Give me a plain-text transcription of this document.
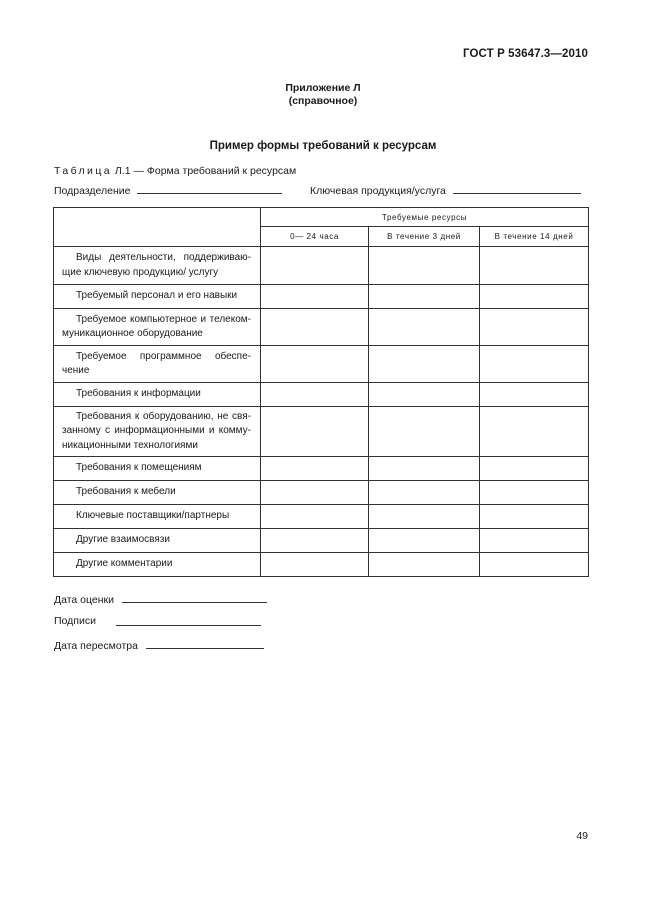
ГОСТ Р 53647.3—2010
Приложение Л
(справочное)
Пример формы требований к ресурсам
Таблица Л.1 — Форма требований к ресурсам
Подразделение	Ключевая продукция/услуга
	Требуемые ресурсы		
	0— 24 часа	В течение 3 дней	В течение 14 дней
Виды деятельности, поддерживаю-щие ключевую продукцию/ услугу			
Требуемый персонал и его навыки			
Требуемое компьютерное и телеком-муникационное оборудование			
Требуемое программное обеспе-чение			
Требования к информации			
Требования к оборудованию, не свя-занному с информационными и комму-никационными технологиями			
Требования к помещениям			
Требования к мебели			
Ключевые поставщики/партнеры			
Другие взаимосвязи			
Другие комментарии			
Дата оценки
Подписи
Дата пересмотра
49
